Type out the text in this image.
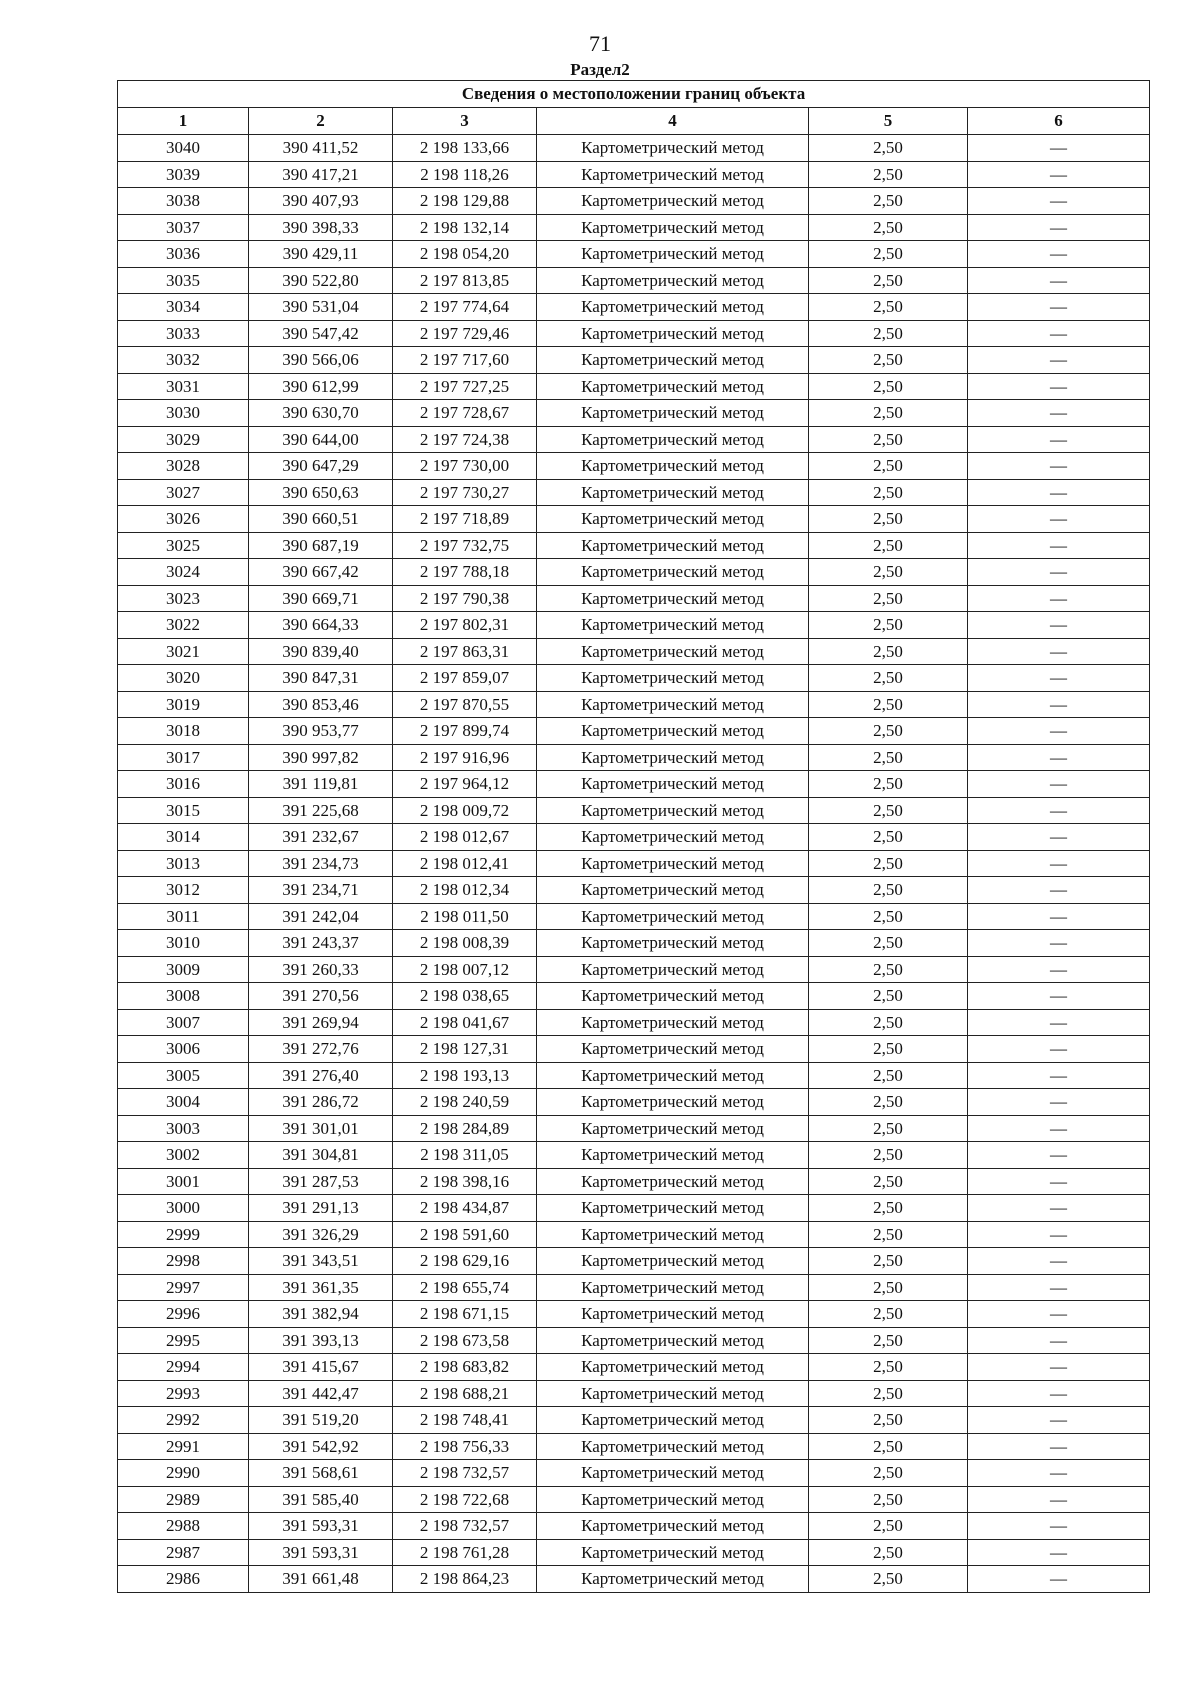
71
Раздел2
Сведения о местоположении границ объекта					
1	2	3	4	5	6
3040	390 411,52	2 198 133,66	Картометрический метод	2,50	—
3039	390 417,21	2 198 118,26	Картометрический метод	2,50	—
3038	390 407,93	2 198 129,88	Картометрический метод	2,50	—
3037	390 398,33	2 198 132,14	Картометрический метод	2,50	—
3036	390 429,11	2 198 054,20	Картометрический метод	2,50	—
3035	390 522,80	2 197 813,85	Картометрический метод	2,50	—
3034	390 531,04	2 197 774,64	Картометрический метод	2,50	—
3033	390 547,42	2 197 729,46	Картометрический метод	2,50	—
3032	390 566,06	2 197 717,60	Картометрический метод	2,50	—
3031	390 612,99	2 197 727,25	Картометрический метод	2,50	—
3030	390 630,70	2 197 728,67	Картометрический метод	2,50	—
3029	390 644,00	2 197 724,38	Картометрический метод	2,50	—
3028	390 647,29	2 197 730,00	Картометрический метод	2,50	—
3027	390 650,63	2 197 730,27	Картометрический метод	2,50	—
3026	390 660,51	2 197 718,89	Картометрический метод	2,50	—
3025	390 687,19	2 197 732,75	Картометрический метод	2,50	—
3024	390 667,42	2 197 788,18	Картометрический метод	2,50	—
3023	390 669,71	2 197 790,38	Картометрический метод	2,50	—
3022	390 664,33	2 197 802,31	Картометрический метод	2,50	—
3021	390 839,40	2 197 863,31	Картометрический метод	2,50	—
3020	390 847,31	2 197 859,07	Картометрический метод	2,50	—
3019	390 853,46	2 197 870,55	Картометрический метод	2,50	—
3018	390 953,77	2 197 899,74	Картометрический метод	2,50	—
3017	390 997,82	2 197 916,96	Картометрический метод	2,50	—
3016	391 119,81	2 197 964,12	Картометрический метод	2,50	—
3015	391 225,68	2 198 009,72	Картометрический метод	2,50	—
3014	391 232,67	2 198 012,67	Картометрический метод	2,50	—
3013	391 234,73	2 198 012,41	Картометрический метод	2,50	—
3012	391 234,71	2 198 012,34	Картометрический метод	2,50	—
3011	391 242,04	2 198 011,50	Картометрический метод	2,50	—
3010	391 243,37	2 198 008,39	Картометрический метод	2,50	—
3009	391 260,33	2 198 007,12	Картометрический метод	2,50	—
3008	391 270,56	2 198 038,65	Картометрический метод	2,50	—
3007	391 269,94	2 198 041,67	Картометрический метод	2,50	—
3006	391 272,76	2 198 127,31	Картометрический метод	2,50	—
3005	391 276,40	2 198 193,13	Картометрический метод	2,50	—
3004	391 286,72	2 198 240,59	Картометрический метод	2,50	—
3003	391 301,01	2 198 284,89	Картометрический метод	2,50	—
3002	391 304,81	2 198 311,05	Картометрический метод	2,50	—
3001	391 287,53	2 198 398,16	Картометрический метод	2,50	—
3000	391 291,13	2 198 434,87	Картометрический метод	2,50	—
2999	391 326,29	2 198 591,60	Картометрический метод	2,50	—
2998	391 343,51	2 198 629,16	Картометрический метод	2,50	—
2997	391 361,35	2 198 655,74	Картометрический метод	2,50	—
2996	391 382,94	2 198 671,15	Картометрический метод	2,50	—
2995	391 393,13	2 198 673,58	Картометрический метод	2,50	—
2994	391 415,67	2 198 683,82	Картометрический метод	2,50	—
2993	391 442,47	2 198 688,21	Картометрический метод	2,50	—
2992	391 519,20	2 198 748,41	Картометрический метод	2,50	—
2991	391 542,92	2 198 756,33	Картометрический метод	2,50	—
2990	391 568,61	2 198 732,57	Картометрический метод	2,50	—
2989	391 585,40	2 198 722,68	Картометрический метод	2,50	—
2988	391 593,31	2 198 732,57	Картометрический метод	2,50	—
2987	391 593,31	2 198 761,28	Картометрический метод	2,50	—
2986	391 661,48	2 198 864,23	Картометрический метод	2,50	—
